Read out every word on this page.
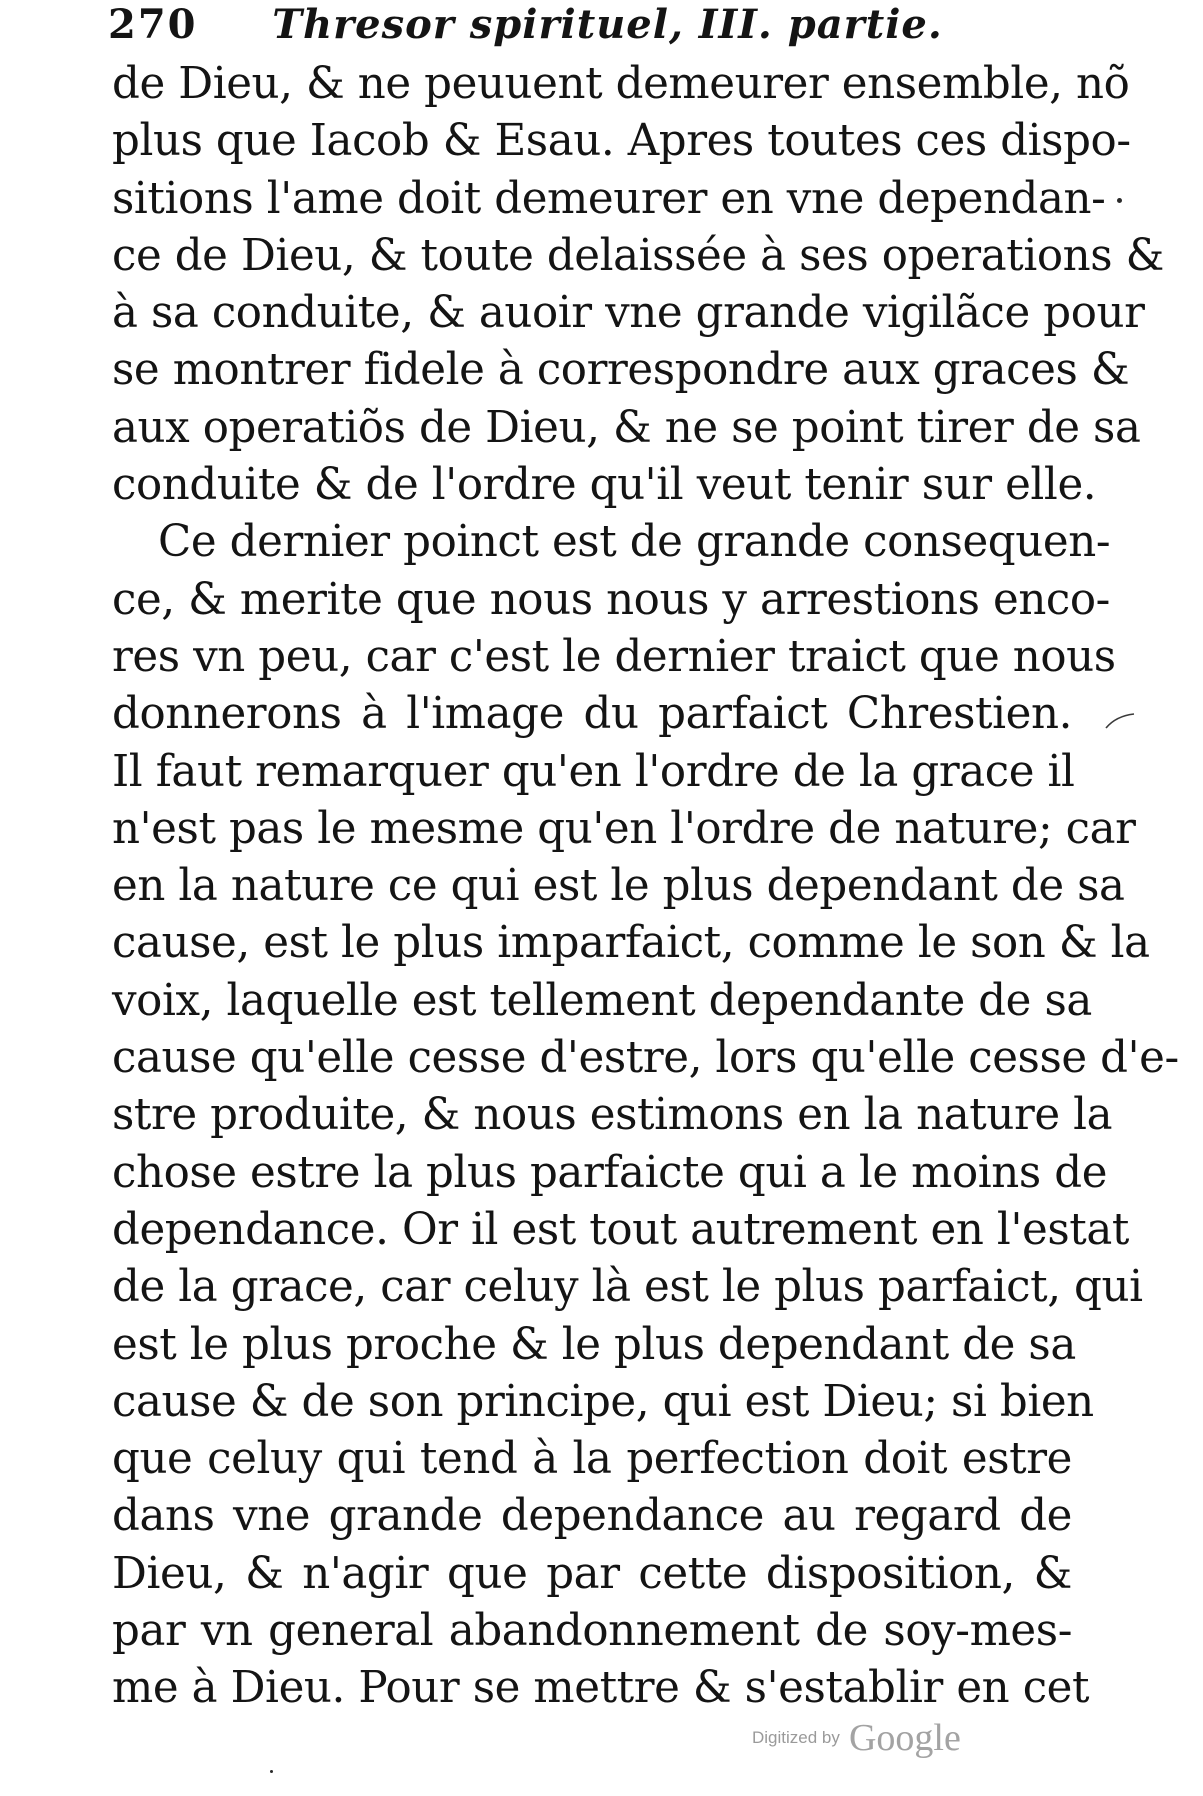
270 Thresor spirituel, III. partie.
de Dieu, & ne peuuent demeurer ensemble, nõ
plus que Iacob & Esau. Apres toutes ces dispo-
sitions l'ame doit demeurer en vne dependan-
ce de Dieu, & toute delaissée à ses operations &
à sa conduite, & auoir vne grande vigilãce pour
se montrer fidele à correspondre aux graces &
aux operatiõs de Dieu, & ne se point tirer de sa
conduite & de l'ordre qu'il veut tenir sur elle.
Ce dernier poinct est de grande consequen-
ce, & merite que nous nous y arrestions enco-
res vn peu, car c'est le dernier traict que nous
donnerons à l'image du parfaict Chrestien.
Il faut remarquer qu'en l'ordre de la grace il
n'est pas le mesme qu'en l'ordre de nature; car
en la nature ce qui est le plus dependant de sa
cause, est le plus imparfaict, comme le son & la
voix, laquelle est tellement dependante de sa
cause qu'elle cesse d'estre, lors qu'elle cesse d'e-
stre produite, & nous estimons en la nature la
chose estre la plus parfaicte qui a le moins de
dependance. Or il est tout autrement en l'estat
de la grace, car celuy là est le plus parfaict, qui
est le plus proche & le plus dependant de sa
cause & de son principe, qui est Dieu; si bien
que celuy qui tend à la perfection doit estre
dans vne grande dependance au regard de
Dieu, & n'agir que par cette disposition, &
par vn general abandonnement de soy-mes-
me à Dieu. Pour se mettre & s'establir en cet
Digitized by Google
